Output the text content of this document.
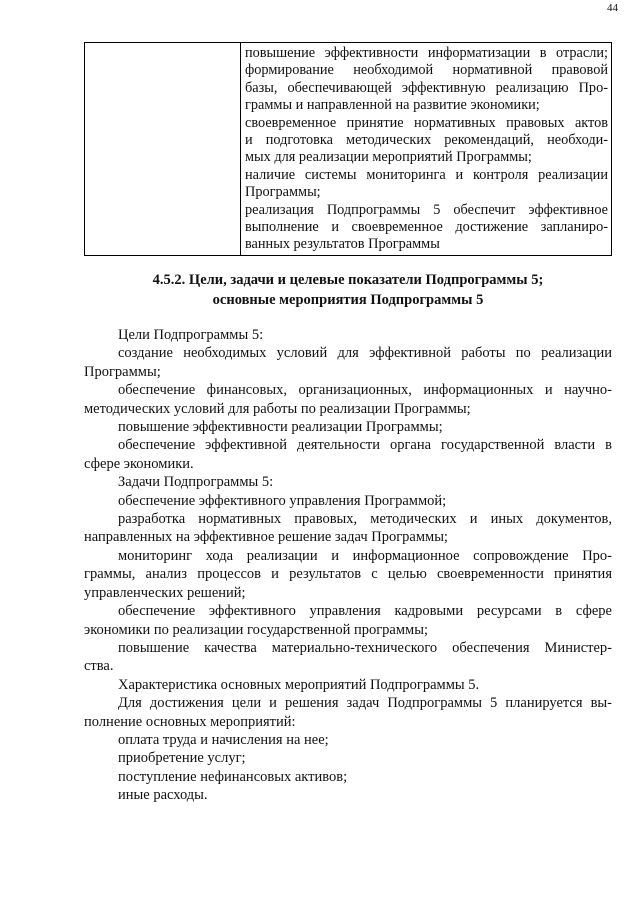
44

повышение эффективности информатизации в отрасли;

формирование необходимой нормативной правовой

базы, обеспечивающей эффективную реализацию Про-

граммы и направленной на развитие экономики;

своевременное принятие нормативных правовых актов

и подготовка методических рекомендаций, необходи-

мых для реализации мероприятий Программы;

наличие системы мониторинга и контроля реализации

Программы;

реализация Подпрограммы 5 обеспечит эффективное

выполнение и своевременное достижение запланиро-

ванных результатов Программы

4.5.2. Цели, задачи и целевые показатели Подпрограммы 5;
основные мероприятия Подпрограммы 5

Цели Подпрограммы 5:

создание необходимых условий для эффективной работы по реализации

Программы;

обеспечение финансовых, организационных, информационных и научно-

методических условий для работы по реализации Программы;

повышение эффективности реализации Программы;

обеспечение эффективной деятельности органа государственной власти в

сфере экономики.

Задачи Подпрограммы 5:

обеспечение эффективного управления Программой;

разработка нормативных правовых, методических и иных документов,

направленных на эффективное решение задач Программы;

мониторинг хода реализации и информационное сопровождение Про-

граммы, анализ процессов и результатов с целью своевременности принятия

управленческих решений;

обеспечение эффективного управления кадровыми ресурсами в сфере

экономики по реализации государственной программы;

повышение качества материально-технического обеспечения Министер-

ства.

Характеристика основных мероприятий Подпрограммы 5.

Для достижения цели и решения задач Подпрограммы 5 планируется вы-

полнение основных мероприятий:

оплата труда и начисления на нее;

приобретение услуг;

поступление нефинансовых активов;

иные расходы.
